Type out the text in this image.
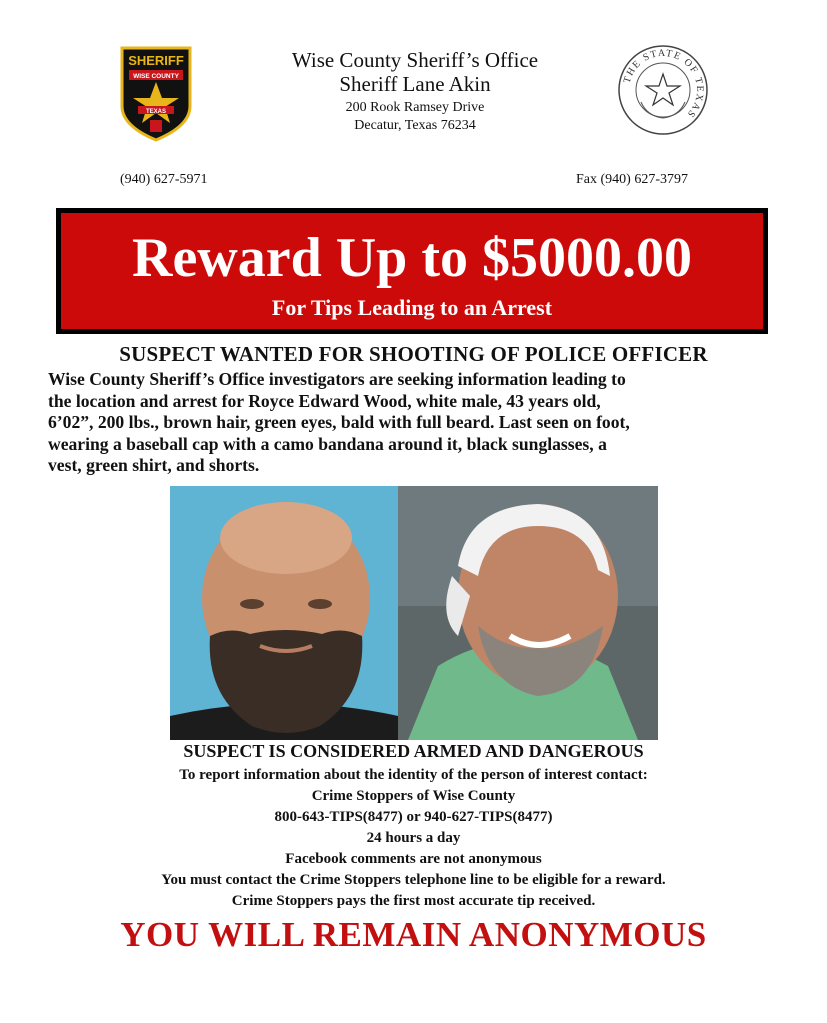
SHERIFF
WISE COUNTY
TEXAS
Wise County Sheriff’s Office
Sheriff Lane Akin
200 Rook Ramsey Drive
Decatur, Texas 76234
THE STATE OF TEXAS
(940) 627-5971	Fax (940) 627-3797
Reward Up to $5000.00
For Tips Leading to an Arrest
SUSPECT WANTED FOR SHOOTING OF POLICE OFFICER
Wise County Sheriff’s Office investigators are seeking information leading to
the location and arrest for Royce Edward Wood, white male, 43 years old,
6’02”, 200 lbs., brown hair, green eyes, bald with full beard. Last seen on foot,
wearing a baseball cap with a camo bandana around it, black sunglasses, a
vest, green shirt, and shorts.
SUSPECT IS CONSIDERED ARMED AND DANGEROUS
To report information about the identity of the person of interest contact:
Crime Stoppers of Wise County
800-643-TIPS(8477) or 940-627-TIPS(8477)
24 hours a day
Facebook comments are not anonymous
You must contact the Crime Stoppers telephone line to be eligible for a reward.
Crime Stoppers pays the first most accurate tip received.
YOU WILL REMAIN ANONYMOUS
